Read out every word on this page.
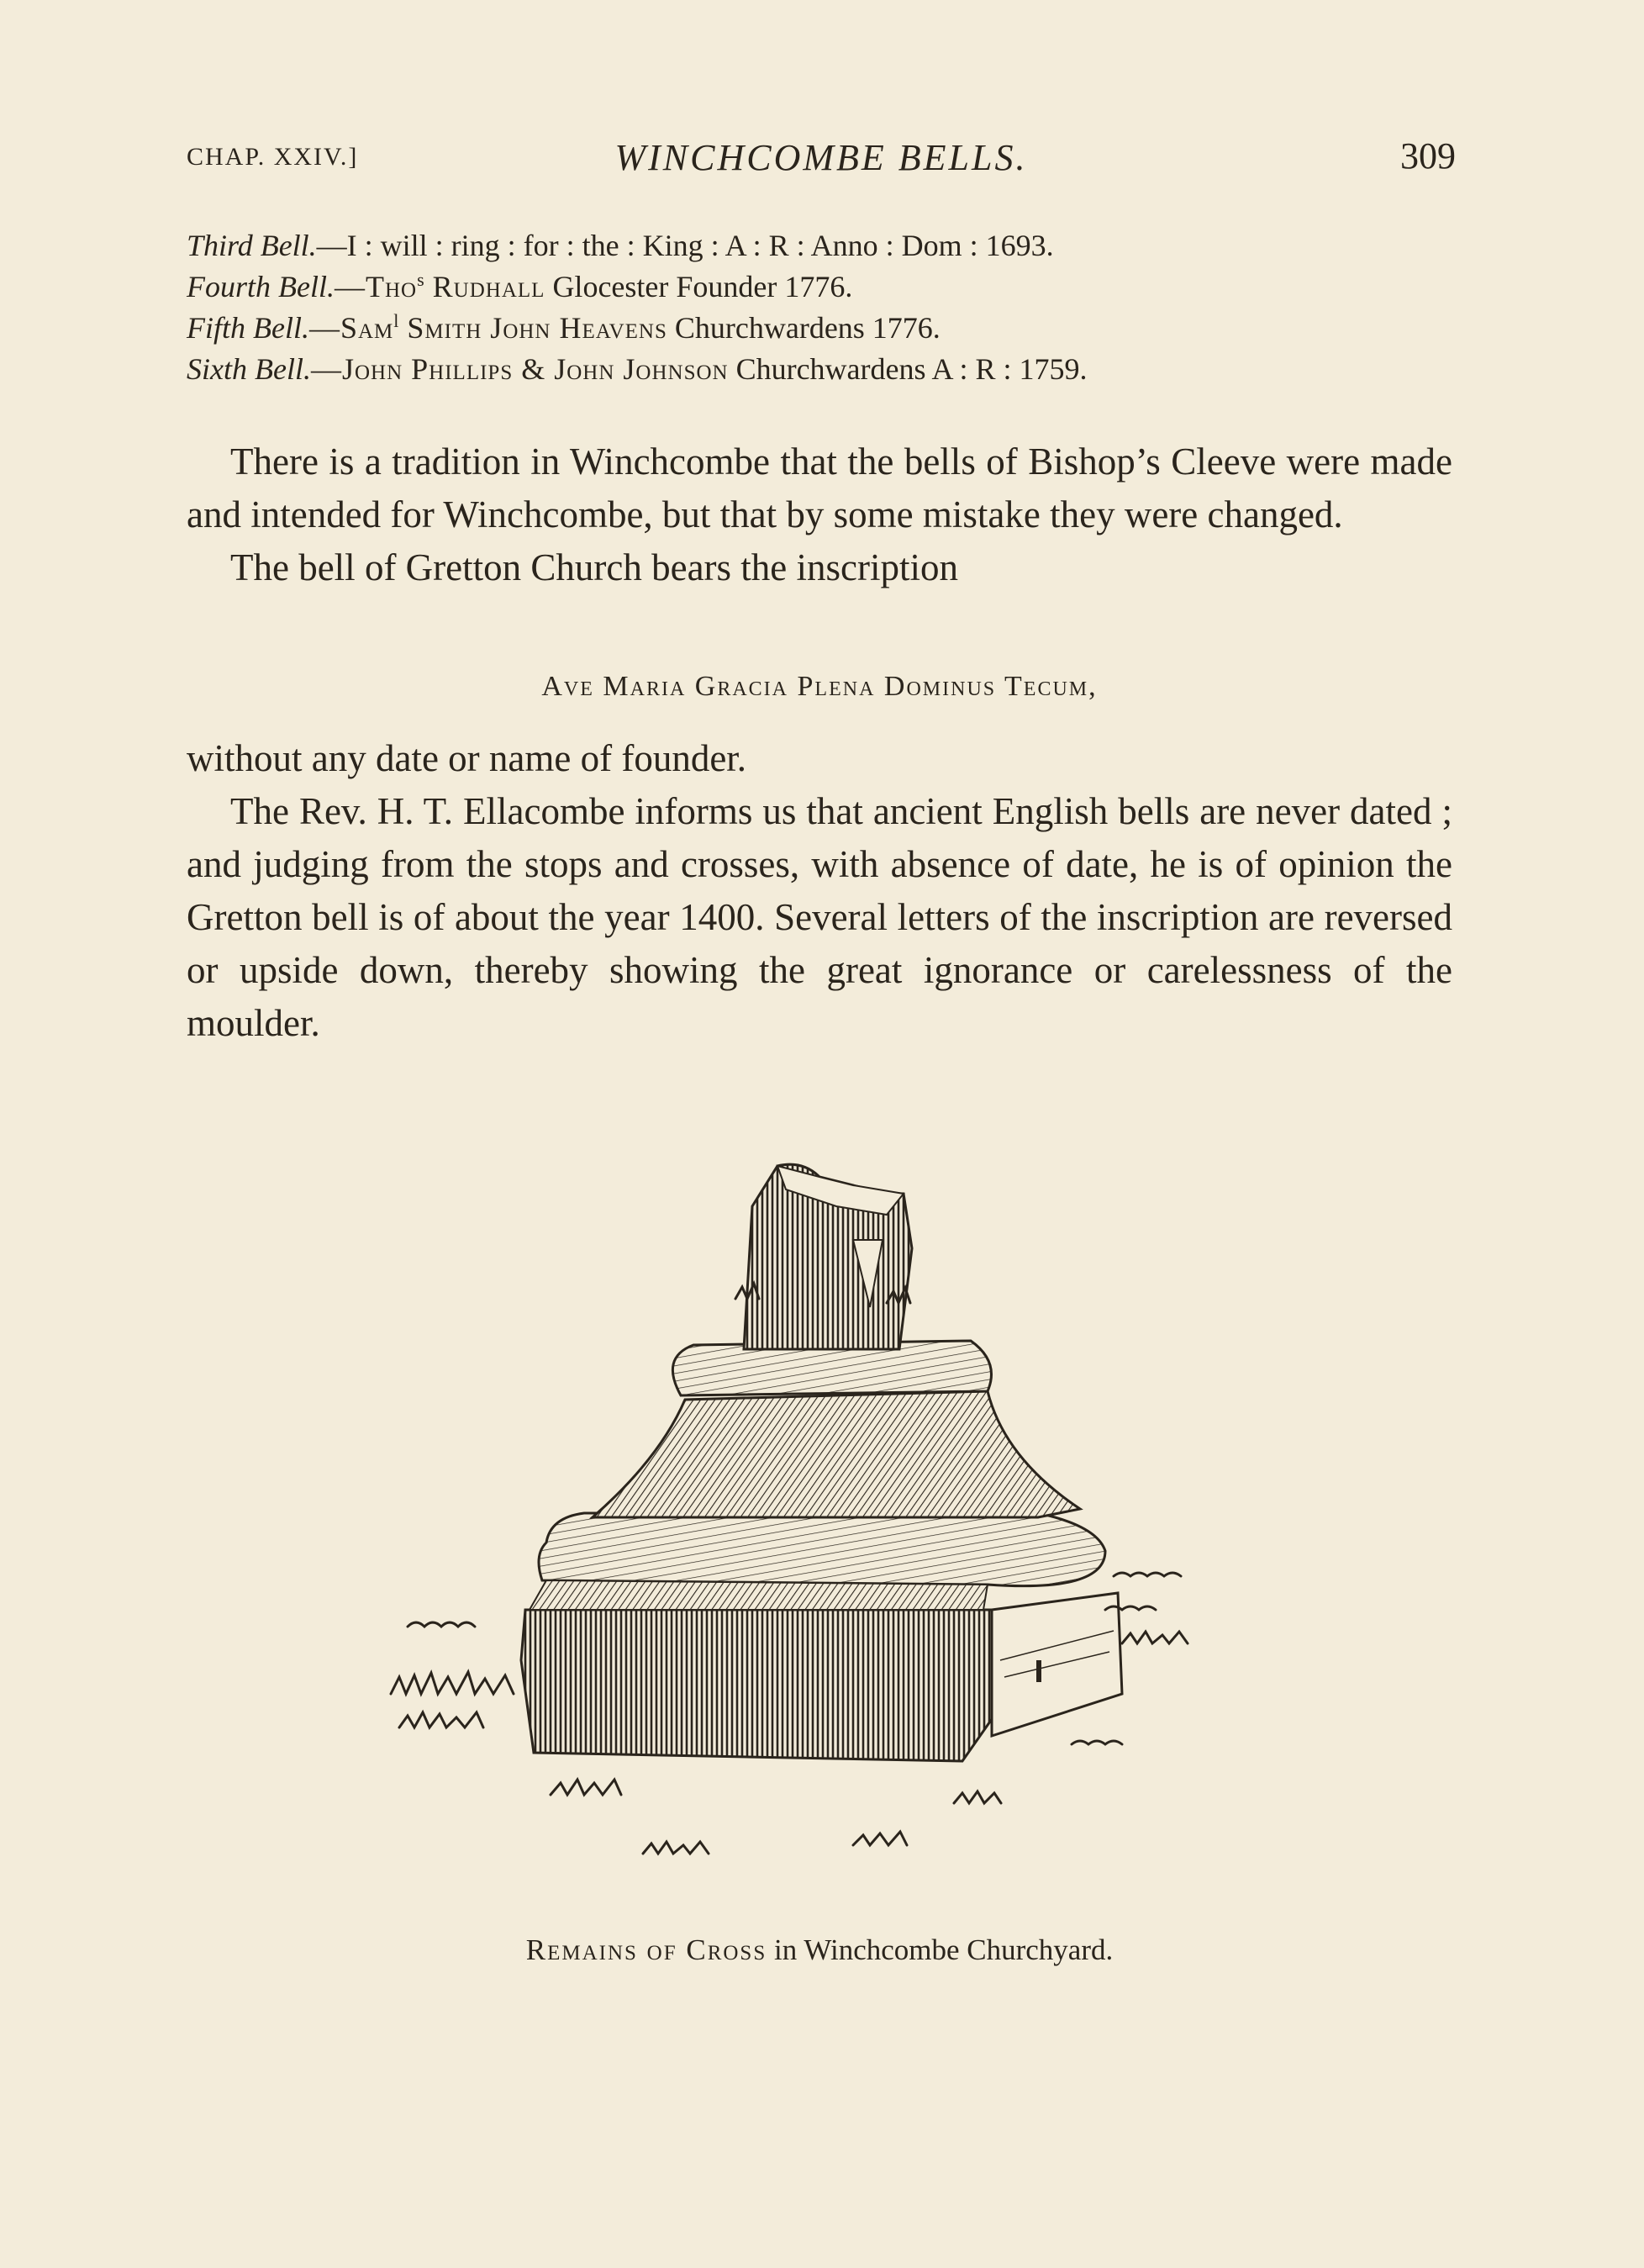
CHAP. XXIV.]	WINCHCOMBE BELLS.	309
Third Bell.—I : will : ring : for : the : King : A : R : Anno : Dom : 1693.
Fourth Bell.—Tho$^s$ Rudhall Glocester Founder 1776.
Fifth Bell.—Sam$^l$ Smith John Heavens Churchwardens 1776.
Sixth Bell.—John Phillips & John Johnson Churchwardens A : R : 1759.

There is a tradition in Winchcombe that the bells of Bishop’s Cleeve were made and intended for Winchcombe, but that by some mistake they were changed.

The bell of Gretton Church bears the inscription

Ave Maria Gracia Plena Dominus Tecum,

without any date or name of founder.

The Rev. H. T. Ellacombe informs us that ancient English bells are never dated ; and judging from the stops and crosses, with absence of date, he is of opinion the Gretton bell is of about the year 1400. Several letters of the inscription are reversed or upside down, thereby showing the great ignorance or carelessness of the moulder.

Remains of Cross in Winchcombe Churchyard.
